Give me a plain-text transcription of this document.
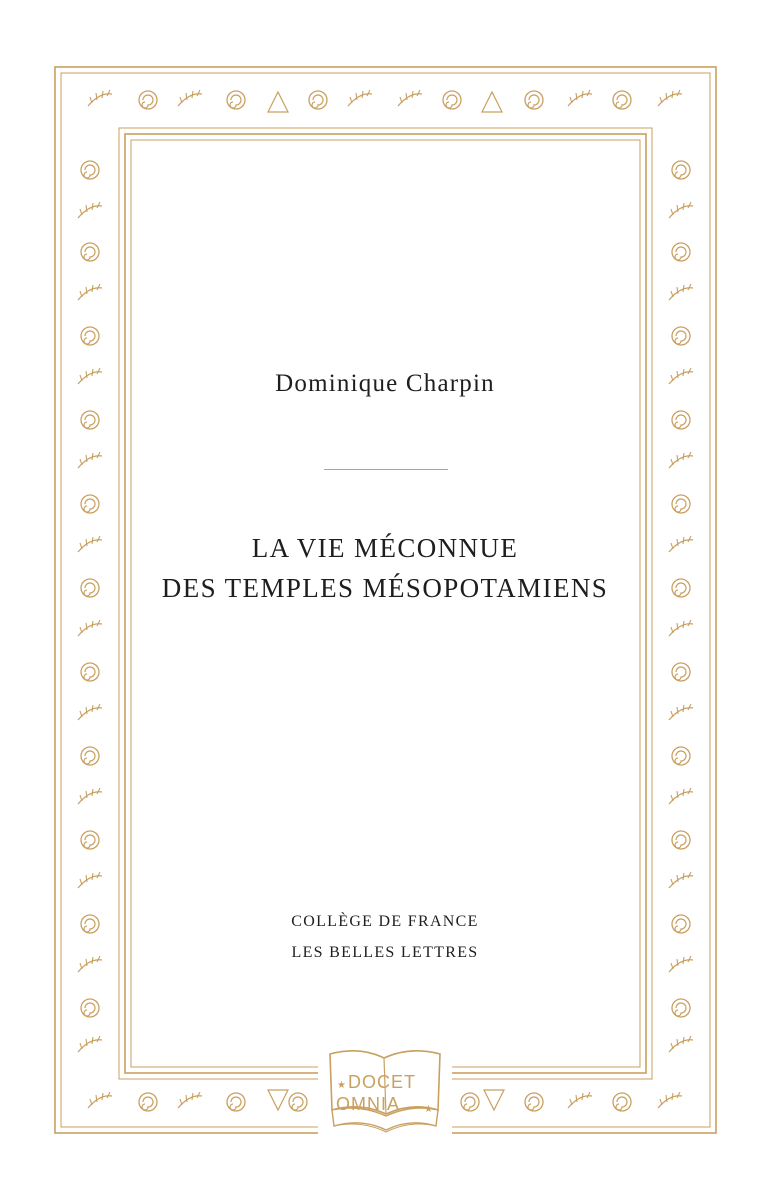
★
★
DOCET
OMNIA
Dominique Charpin
LA VIE MÉCONNUE
DES TEMPLES MÉSOPOTAMIENS
COLLÈGE DE FRANCE
LES BELLES LETTRES
